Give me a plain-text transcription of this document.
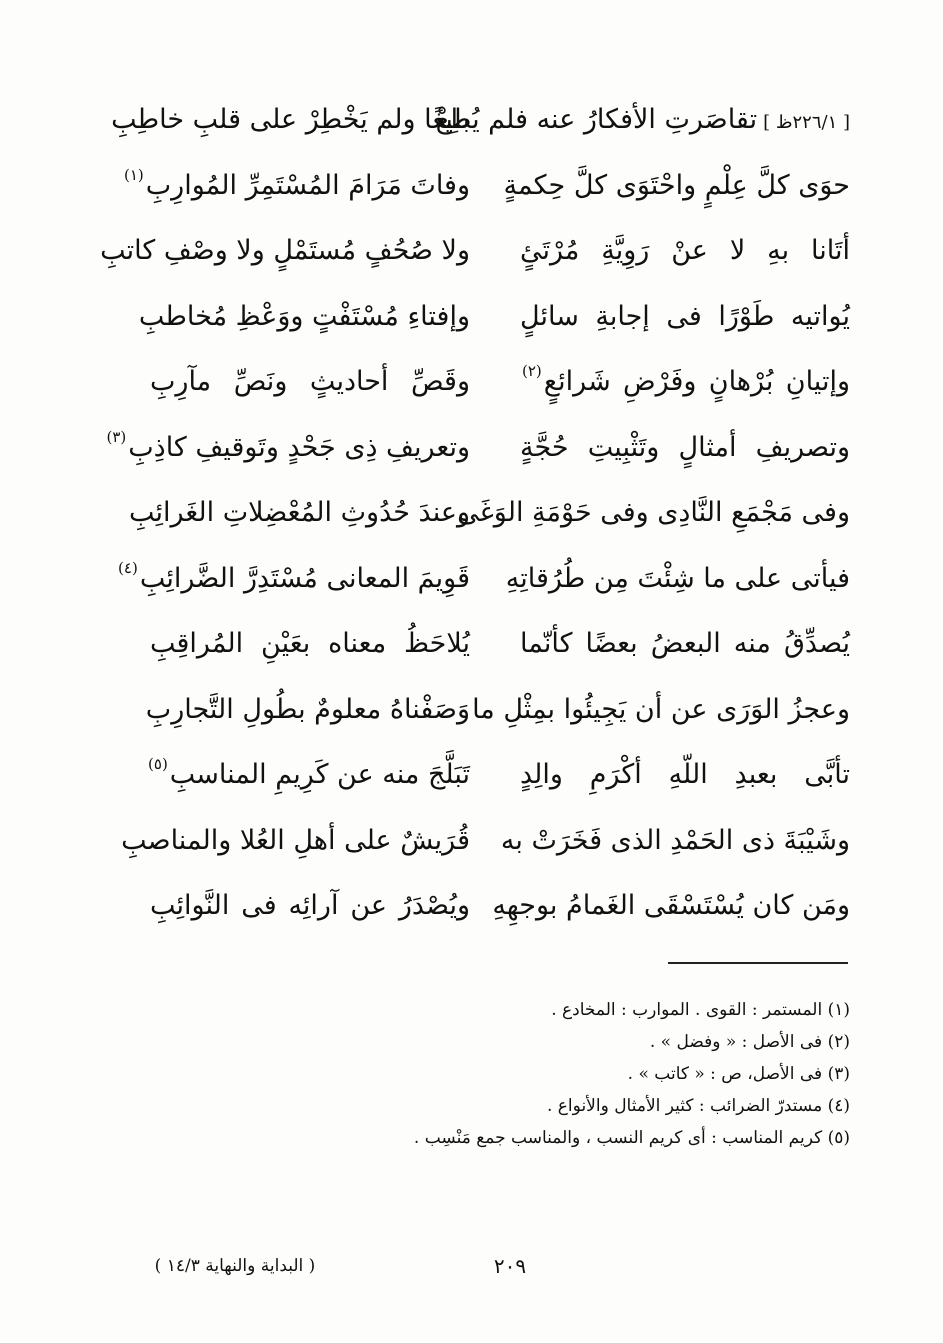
[ ٢٢٦/١ظ ]تقاصَرتِ الأفكارُ عنه فلم يُطِعْ
بليغًا ولم يَخْطِرْ على قلبِ خاطِبِ
حوَى كلَّ عِلْمٍ واحْتَوَى كلَّ حِكمةٍ
وفاتَ مَرَامَ المُسْتَمِرِّ المُوارِبِ$^{(١)}$
أتَانا بهِ لا عنْ رَوِيَّةِ مُرْتَئٍ
ولا صُحُفٍ مُستَمْلٍ ولا وصْفِ كاتبِ
يُواتيه طَوْرًا فى إجابةِ سائلٍ
وإفتاءِ مُسْتَفْتٍ ووَعْظِ مُخاطبِ
وإتيانِ بُرْهانٍ وفَرْضِ شَرائعٍ$^{(٢)}$
وقَصِّ أحاديثٍ ونَصِّ مآرِبِ
وتصريفِ أمثالٍ وتَثْبِيتِ حُجَّةٍ
وتعريفِ ذِى جَحْدٍ وتَوقيفِ كاذِبِ$^{(٣)}$
وفى مَجْمَعِ النَّادِى وفى حَوْمَةِ الوَغَى
وعندَ حُدُوثِ المُعْضِلاتِ الغَرائِبِ
فيأتى على ما شِئْتَ مِن طُرُقاتِهِ
قَوِيمَ المعانى مُسْتَدِرَّ الضَّرائِبِ$^{(٤)}$
يُصدِّقُ منه البعضُ بعضًا كأنّما
يُلاحَظُ معناه بعَيْنِ المُراقِبِ
وعجزُ الوَرَى عن أن يَجِيئُوا بمِثْلِ ما
وَصَفْناهُ معلومٌ بطُولِ التَّجارِبِ
تأبَّى بعبدِ اللّهِ أكْرَمِ والِدٍ
تَبَلَّجَ منه عن كَرِيمِ المناسبِ$^{(٥)}$
وشَيْبَةَ ذى الحَمْدِ الذى فَخَرَتْ به
قُرَيشٌ على أهلِ العُلا والمناصبِ
ومَن كان يُسْتَسْقَى الغَمامُ بوجهِهِ
ويُصْدَرُ عن آرائِه فى النَّوائِبِ
(١) المستمر : القوى . الموارب : المخادع .
(٢) فى الأصل : « وفضل » .
(٣) فى الأصل، ص : « كاتب » .
(٤) مستدرّ الضرائب : كثير الأمثال والأنواع .
(٥) كريم المناسب : أى كريم النسب ، والمناسب جمع مَنْسِب .
٢٠٩
( البداية والنهاية ١٤/٣ )
